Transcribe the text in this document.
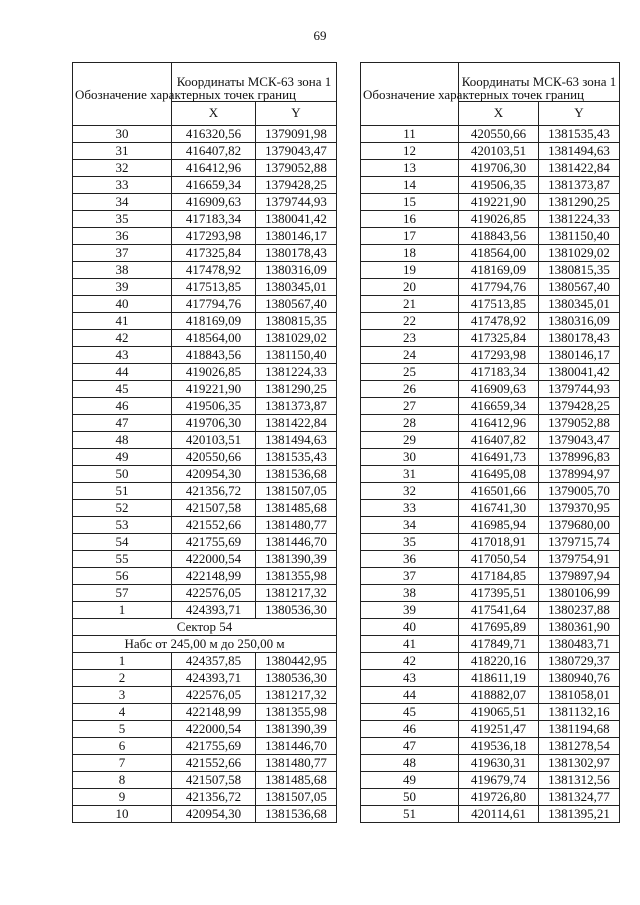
69
Обозначение характерных точек границ	Координаты МСК-63 зона 1	
	X	Y
30	416320,56	1379091,98
31	416407,82	1379043,47
32	416412,96	1379052,88
33	416659,34	1379428,25
34	416909,63	1379744,93
35	417183,34	1380041,42
36	417293,98	1380146,17
37	417325,84	1380178,43
38	417478,92	1380316,09
39	417513,85	1380345,01
40	417794,76	1380567,40
41	418169,09	1380815,35
42	418564,00	1381029,02
43	418843,56	1381150,40
44	419026,85	1381224,33
45	419221,90	1381290,25
46	419506,35	1381373,87
47	419706,30	1381422,84
48	420103,51	1381494,63
49	420550,66	1381535,43
50	420954,30	1381536,68
51	421356,72	1381507,05
52	421507,58	1381485,68
53	421552,66	1381480,77
54	421755,69	1381446,70
55	422000,54	1381390,39
56	422148,99	1381355,98
57	422576,05	1381217,32
1	424393,71	1380536,30
Сектор 54		
Набс от 245,00 м до 250,00 м		
1	424357,85	1380442,95
2	424393,71	1380536,30
3	422576,05	1381217,32
4	422148,99	1381355,98
5	422000,54	1381390,39
6	421755,69	1381446,70
7	421552,66	1381480,77
8	421507,58	1381485,68
9	421356,72	1381507,05
10	420954,30	1381536,68
Обозначение характерных точек границ	Координаты МСК-63 зона 1	
	X	Y
11	420550,66	1381535,43
12	420103,51	1381494,63
13	419706,30	1381422,84
14	419506,35	1381373,87
15	419221,90	1381290,25
16	419026,85	1381224,33
17	418843,56	1381150,40
18	418564,00	1381029,02
19	418169,09	1380815,35
20	417794,76	1380567,40
21	417513,85	1380345,01
22	417478,92	1380316,09
23	417325,84	1380178,43
24	417293,98	1380146,17
25	417183,34	1380041,42
26	416909,63	1379744,93
27	416659,34	1379428,25
28	416412,96	1379052,88
29	416407,82	1379043,47
30	416491,73	1378996,83
31	416495,08	1378994,97
32	416501,66	1379005,70
33	416741,30	1379370,95
34	416985,94	1379680,00
35	417018,91	1379715,74
36	417050,54	1379754,91
37	417184,85	1379897,94
38	417395,51	1380106,99
39	417541,64	1380237,88
40	417695,89	1380361,90
41	417849,71	1380483,71
42	418220,16	1380729,37
43	418611,19	1380940,76
44	418882,07	1381058,01
45	419065,51	1381132,16
46	419251,47	1381194,68
47	419536,18	1381278,54
48	419630,31	1381302,97
49	419679,74	1381312,56
50	419726,80	1381324,77
51	420114,61	1381395,21
